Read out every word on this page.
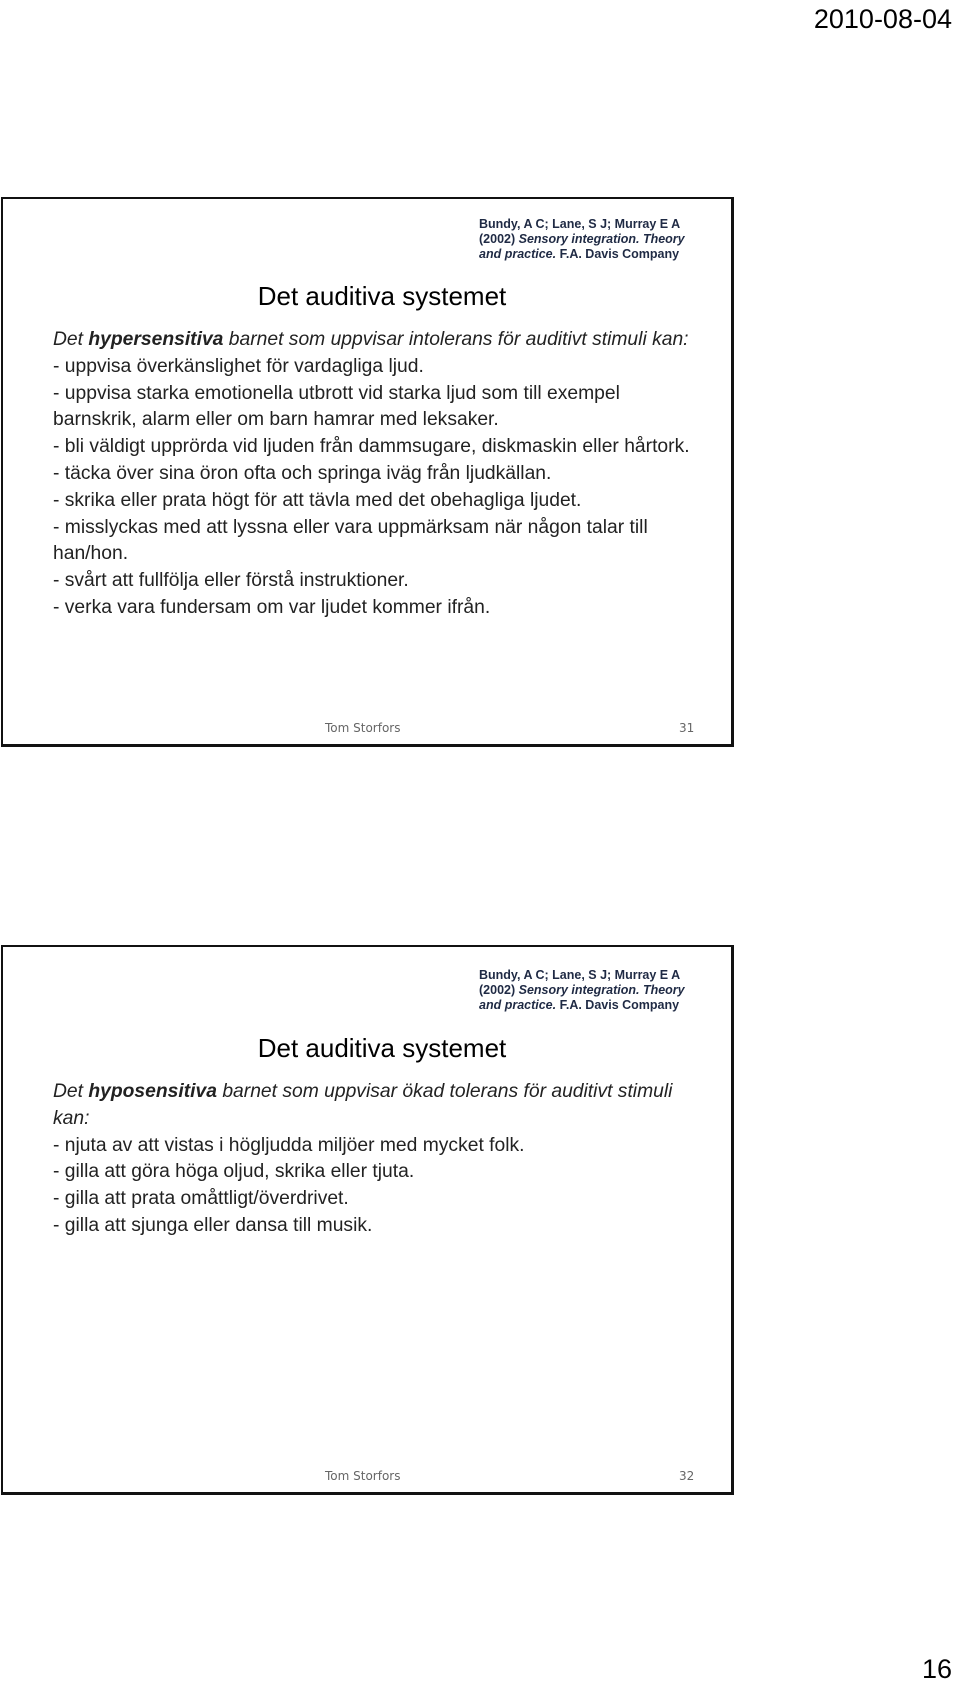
2010-08-04
Bundy, A C; Lane, S J; Murray E A
(2002) Sensory integration. Theory
and practice. F.A. Davis Company
Det auditiva systemet
Det hypersensitiva barnet som uppvisar intolerans för auditivt stimuli kan:
- uppvisa överkänslighet för vardagliga ljud.
- uppvisa starka emotionella utbrott vid starka ljud som till exempel barnskrik, alarm eller om barn hamrar med leksaker.
- bli väldigt upprörda vid ljuden från dammsugare, diskmaskin eller hårtork.
- täcka över sina öron ofta och springa iväg från ljudkällan.
- skrika eller prata högt för att tävla med det obehagliga ljudet.
- misslyckas med att lyssna eller vara uppmärksam när någon talar till han/hon.
- svårt att fullfölja eller förstå instruktioner.
- verka vara fundersam om var ljudet kommer ifrån.
Tom Storfors	31
Bundy, A C; Lane, S J; Murray E A
(2002) Sensory integration. Theory
and practice. F.A. Davis Company
Det auditiva systemet
Det hyposensitiva barnet som uppvisar ökad tolerans för auditivt stimuli kan:
- njuta av att vistas i högljudda miljöer med mycket folk.
- gilla att göra höga oljud, skrika eller tjuta.
- gilla att prata omåttligt/överdrivet.
- gilla att sjunga eller dansa till musik.
Tom Storfors	32
16
